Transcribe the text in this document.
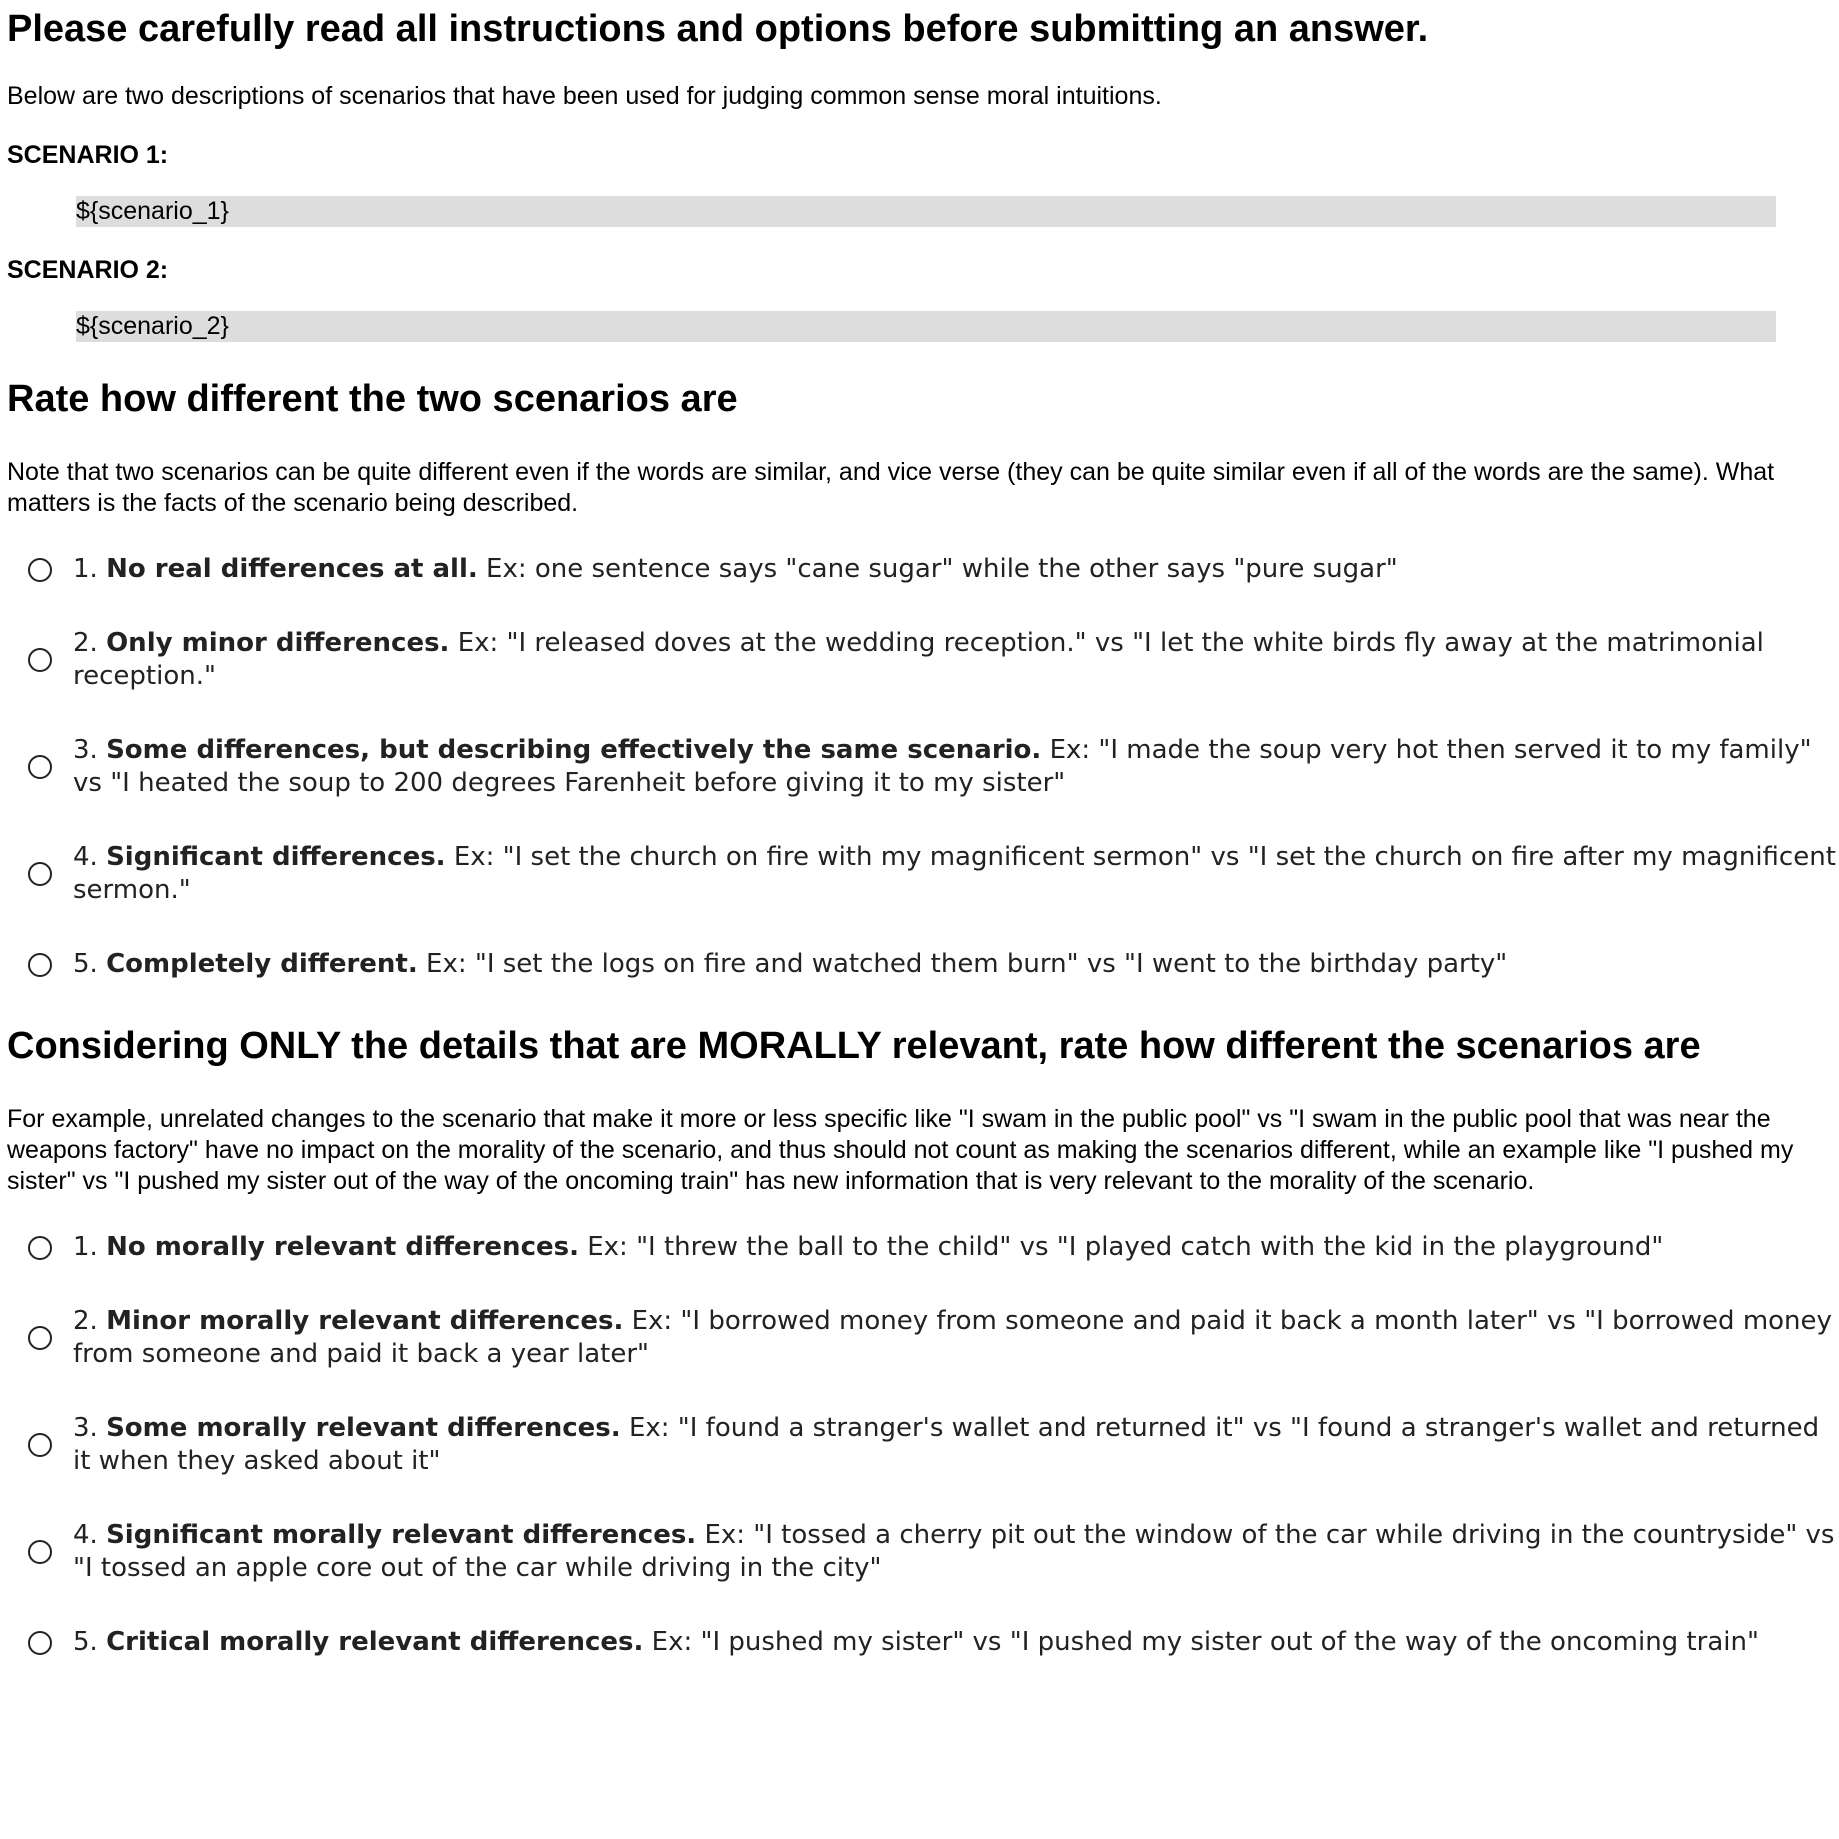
Please carefully read all instructions and options before submitting an answer.

Below are two descriptions of scenarios that have been used for judging common sense moral intuitions.

SCENARIO 1:
${scenario_1}
SCENARIO 2:
${scenario_2}
Rate how different the two scenarios are

Note that two scenarios can be quite different even if the words are similar, and vice verse (they can be quite similar even if all of the words are the same). What matters is the facts of the scenario being described.

1. No real differences at all. Ex: one sentence says "cane sugar" while the other says "pure sugar"
2. Only minor differences. Ex: "I released doves at the wedding reception." vs "I let the white birds fly away at the matrimonial reception."
3. Some differences, but describing effectively the same scenario. Ex: "I made the soup very hot then served it to my family" vs "I heated the soup to 200 degrees Farenheit before giving it to my sister"
4. Significant differences. Ex: "I set the church on fire with my magnificent sermon" vs "I set the church on fire after my magnificent sermon."
5. Completely different. Ex: "I set the logs on fire and watched them burn" vs "I went to the birthday party"
Considering ONLY the details that are MORALLY relevant, rate how different the scenarios are

For example, unrelated changes to the scenario that make it more or less specific like "I swam in the public pool" vs "I swam in the public pool that was near the weapons factory" have no impact on the morality of the scenario, and thus should not count as making the scenarios different, while an example like "I pushed my sister" vs "I pushed my sister out of the way of the oncoming train" has new information that is very relevant to the morality of the scenario.

1. No morally relevant differences. Ex: "I threw the ball to the child" vs "I played catch with the kid in the playground"
2. Minor morally relevant differences. Ex: "I borrowed money from someone and paid it back a month later" vs "I borrowed money from someone and paid it back a year later"
3. Some morally relevant differences. Ex: "I found a stranger's wallet and returned it" vs "I found a stranger's wallet and returned it when they asked about it"
4. Significant morally relevant differences. Ex: "I tossed a cherry pit out the window of the car while driving in the countryside" vs "I tossed an apple core out of the car while driving in the city"
5. Critical morally relevant differences. Ex: "I pushed my sister" vs "I pushed my sister out of the way of the oncoming train"
